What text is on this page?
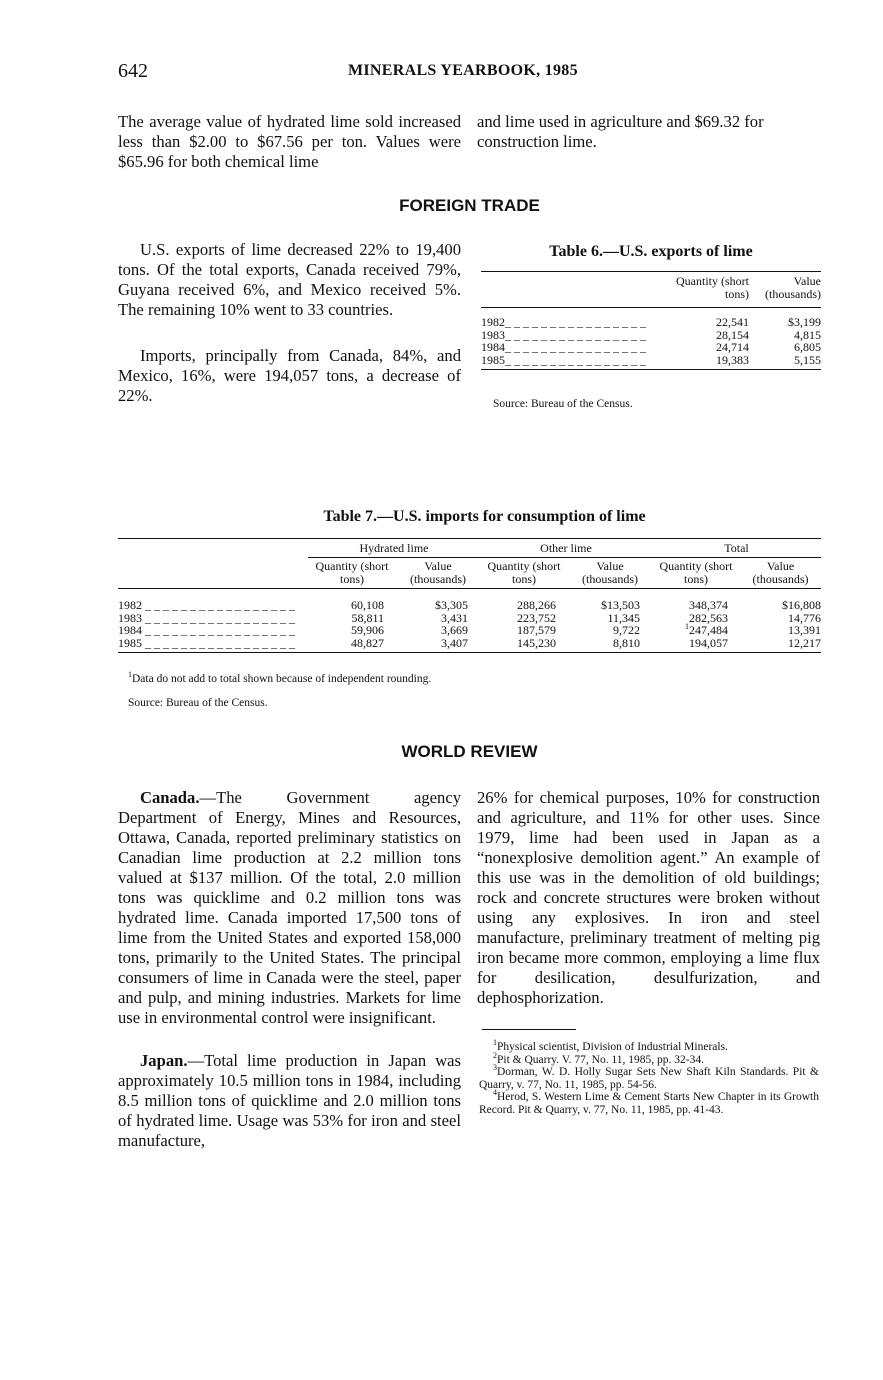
642	MINERALS YEARBOOK, 1985

The average value of hydrated lime sold increased less than $2.00 to $67.56 per ton. Values were $65.96 for both chemical lime

and lime used in agriculture and $69.32 for construction lime.

FOREIGN TRADE

U.S. exports of lime decreased 22% to 19,400 tons. Of the total exports, Canada received 79%, Guyana received 6%, and Mexico received 5%. The remaining 10% went to 33 countries.

Imports, principally from Canada, 84%, and Mexico, 16%, were 194,057 tons, a decrease of 22%.

Table 6.—U.S. exports of lime
	Quantity (short tons)	Value (thousands)

1982_ _ _ _ _ _ _ _ _ _ _ _ _ _ _ _	22,541	$3,199
1983_ _ _ _ _ _ _ _ _ _ _ _ _ _ _ _	28,154	4,815
1984_ _ _ _ _ _ _ _ _ _ _ _ _ _ _ _	24,714	6,805
1985_ _ _ _ _ _ _ _ _ _ _ _ _ _ _ _	19,383	5,155
Source: Bureau of the Census.
Table 7.—U.S. imports for consumption of lime
	Hydrated lime		Other lime		Total	
	Quantity (short tons)	Value (thousands)	Quantity (short tons)	Value (thousands)	Quantity (short tons)	Value (thousands)

1982 _ _ _ _ _ _ _ _ _ _ _ _ _ _ _ _ _	60,108	$3,305	288,266	$13,503	348,374	$16,808
1983 _ _ _ _ _ _ _ _ _ _ _ _ _ _ _ _ _	58,811	3,431	223,752	11,345	282,563	14,776
1984 _ _ _ _ _ _ _ _ _ _ _ _ _ _ _ _ _	59,906	3,669	187,579	9,722	$^1$247,484	13,391
1985 _ _ _ _ _ _ _ _ _ _ _ _ _ _ _ _ _	48,827	3,407	145,230	8,810	194,057	12,217
$^1$Data do not add to total shown because of independent rounding.
Source: Bureau of the Census.
WORLD REVIEW

Canada.—The Government agency Department of Energy, Mines and Resources, Ottawa, Canada, reported preliminary statistics on Canadian lime production at 2.2 million tons valued at $137 million. Of the total, 2.0 million tons was quicklime and 0.2 million tons was hydrated lime. Canada imported 17,500 tons of lime from the United States and exported 158,000 tons, primarily to the United States. The principal consumers of lime in Canada were the steel, paper and pulp, and mining industries. Markets for lime use in environmental control were insignificant.

Japan.—Total lime production in Japan was approximately 10.5 million tons in 1984, including 8.5 million tons of quicklime and 2.0 million tons of hydrated lime. Usage was 53% for iron and steel manufacture,

26% for chemical purposes, 10% for construction and agriculture, and 11% for other uses. Since 1979, lime had been used in Japan as a “nonexplosive demolition agent.” An example of this use was in the demolition of old buildings; rock and concrete structures were broken without using any explosives. In iron and steel manufacture, preliminary treatment of melting pig iron became more common, employing a lime flux for desilication, desulfurization, and dephosphorization.

$^1$Physical scientist, Division of Industrial Minerals.

$^2$Pit & Quarry. V. 77, No. 11, 1985, pp. 32-34.

$^3$Dorman, W. D. Holly Sugar Sets New Shaft Kiln Standards. Pit & Quarry, v. 77, No. 11, 1985, pp. 54-56.

$^4$Herod, S. Western Lime & Cement Starts New Chapter in its Growth Record. Pit & Quarry, v. 77, No. 11, 1985, pp. 41-43.
